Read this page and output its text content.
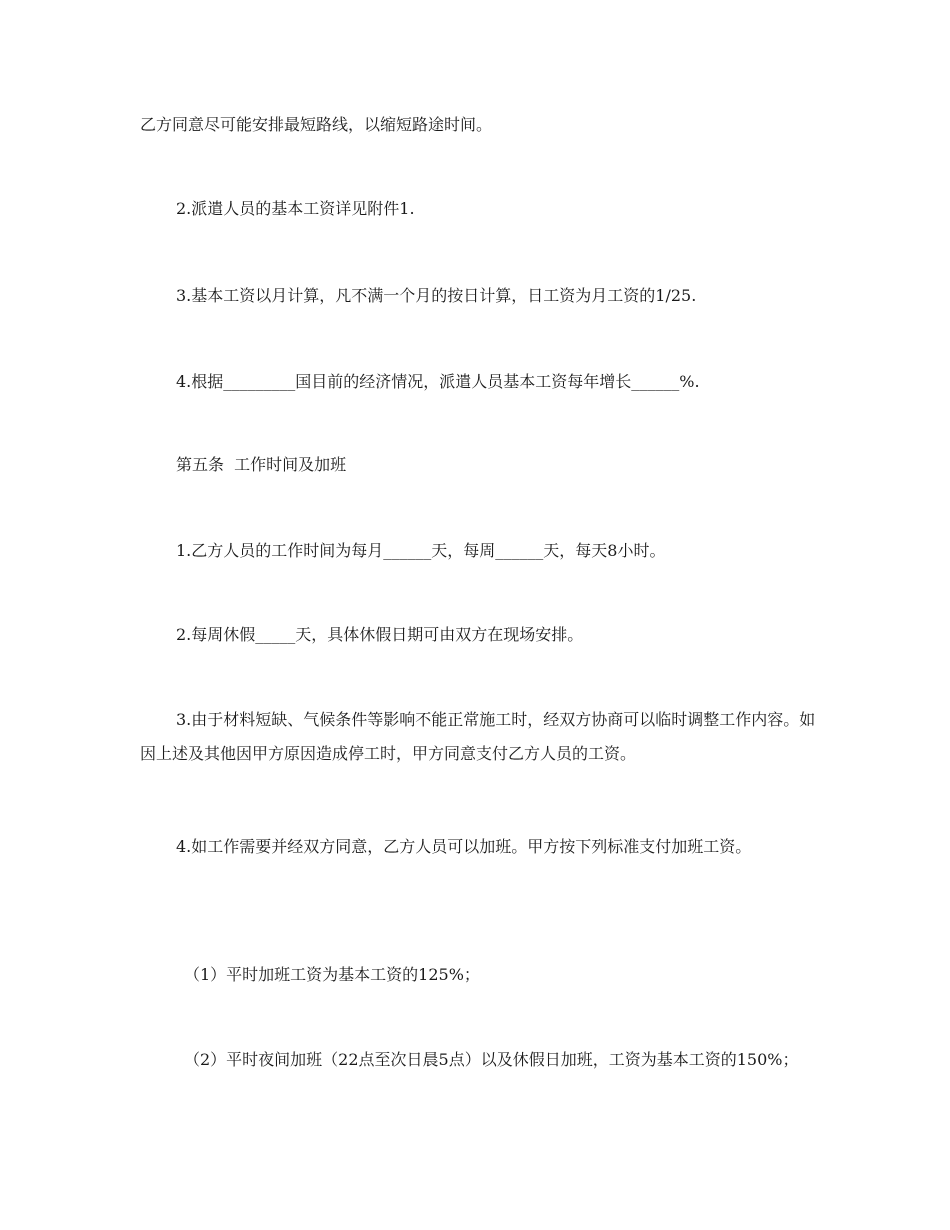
乙方同意尽可能安排最短路线，以缩短路途时间。

2.派遣人员的基本工资详见附件1.

3.基本工资以月计算，凡不满一个月的按日计算，日工资为月工资的1/25.

4.根据_________国目前的经济情况，派遣人员基本工资每年增长______%.

第五条  工作时间及加班

1.乙方人员的工作时间为每月______天，每周______天，每天8小时。

2.每周休假_____天，具体休假日期可由双方在现场安排。

3.由于材料短缺、气候条件等影响不能正常施工时，经双方协商可以临时调整工作内容。如因上述及其他因甲方原因造成停工时，甲方同意支付乙方人员的工资。

4.如工作需要并经双方同意，乙方人员可以加班。甲方按下列标准支付加班工资。

（1）平时加班工资为基本工资的125%；

（2）平时夜间加班（22点至次日晨5点）以及休假日加班，工资为基本工资的150%；
